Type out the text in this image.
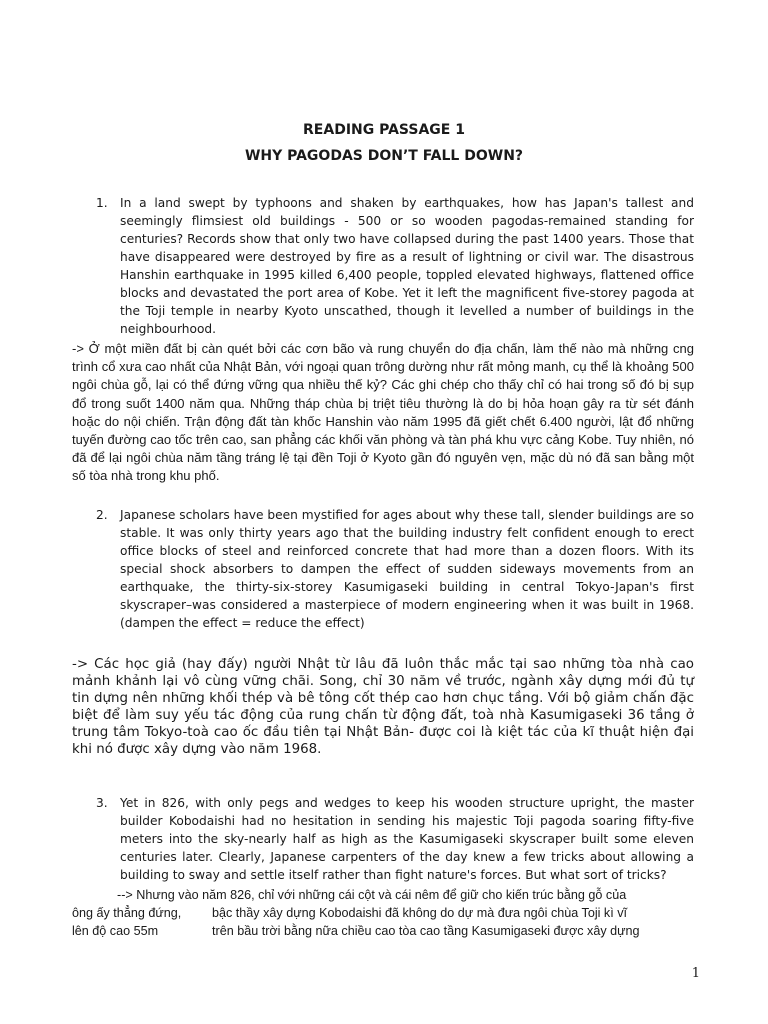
READING PASSAGE 1
WHY PAGODAS DON’T FALL DOWN?
1. In a land swept by typhoons and shaken by earthquakes, how has Japan's tallest and seemingly flimsiest old buildings - 500 or so wooden pagodas-remained standing for centuries? Records show that only two have collapsed during the past 1400 years. Those that have disappeared were destroyed by fire as a result of lightning or civil war. The disastrous Hanshin earthquake in 1995 killed 6,400 people, toppled elevated highways, flattened office blocks and devastated the port area of Kobe. Yet it left the magnificent five-storey pagoda at the Toji temple in nearby Kyoto unscathed, though it levelled a number of buildings in the neighbourhood.
-> Ở một miền đất bị càn quét bởi các cơn bão và rung chuyển do địa chấn, làm thế nào mà những cng trình cổ xưa cao nhất của Nhật Bản, với ngoại quan trông dường như rất mỏng manh, cụ thể là khoảng 500 ngôi chùa gỗ, lại có thể đứng vững qua nhiều thế kỷ? Các ghi chép cho thấy chỉ có hai trong số đó bị sụp đổ trong suốt 1400 năm qua. Những tháp chùa bị triệt tiêu thường là do bị hỏa hoạn gây ra từ sét đánh hoặc do nội chiến. Trận động đất tàn khốc Hanshin vào năm 1995 đã giết chết 6.400 người, lật đổ những tuyến đường cao tốc trên cao, san phẳng các khối văn phòng và tàn phá khu vực cảng Kobe. Tuy nhiên, nó đã để lại ngôi chùa năm tầng tráng lệ tại đền Toji ở Kyoto gần đó nguyên vẹn, mặc dù nó đã san bằng một số tòa nhà trong khu phố.
2. Japanese scholars have been mystified for ages about why these tall, slender buildings are so stable. It was only thirty years ago that the building industry felt confident enough to erect office blocks of steel and reinforced concrete that had more than a dozen floors. With its special shock absorbers to dampen the effect of sudden sideways movements from an earthquake, the thirty-six-storey Kasumigaseki building in central Tokyo-Japan's first skyscraper–was considered a masterpiece of modern engineering when it was built in 1968. (dampen the effect = reduce the effect)
-> Các học giả (hay đấy) người Nhật từ lâu đã luôn thắc mắc tại sao những tòa nhà cao mảnh khảnh lại vô cùng vững chãi. Song, chỉ 30 năm về trước, ngành xây dựng mới đủ tự tin dựng nên những khối thép và bê tông cốt thép cao hơn chục tầng. Với bộ giảm chấn đặc biệt để làm suy yếu tác động của rung chấn từ động đất, toà nhà Kasumigaseki 36 tầng ở trung tâm Tokyo-toà cao ốc đầu tiên tại Nhật Bản- được coi là kiệt tác của kĩ thuật hiện đại khi nó được xây dựng vào năm 1968.
3. Yet in 826, with only pegs and wedges to keep his wooden structure upright, the master builder Kobodaishi had no hesitation in sending his majestic Toji pagoda soaring fifty-five meters into the sky-nearly half as high as the Kasumigaseki skyscraper built some eleven centuries later. Clearly, Japanese carpenters of the day knew a few tricks about allowing a building to sway and settle itself rather than fight nature's forces. But what sort of tricks?
--> Nhưng vào năm 826, chỉ với những cái cột và cái nêm để giữ cho kiến trúc bằng gỗ của
ông ấy thẳng đứng, bậc thầy xây dựng Kobodaishi đã không do dự mà đưa ngôi chùa Toji kì vĩ
lên độ cao 55m	trên bầu trời bằng nữa chiều cao tòa cao tầng Kasumigaseki được xây dựng
1
